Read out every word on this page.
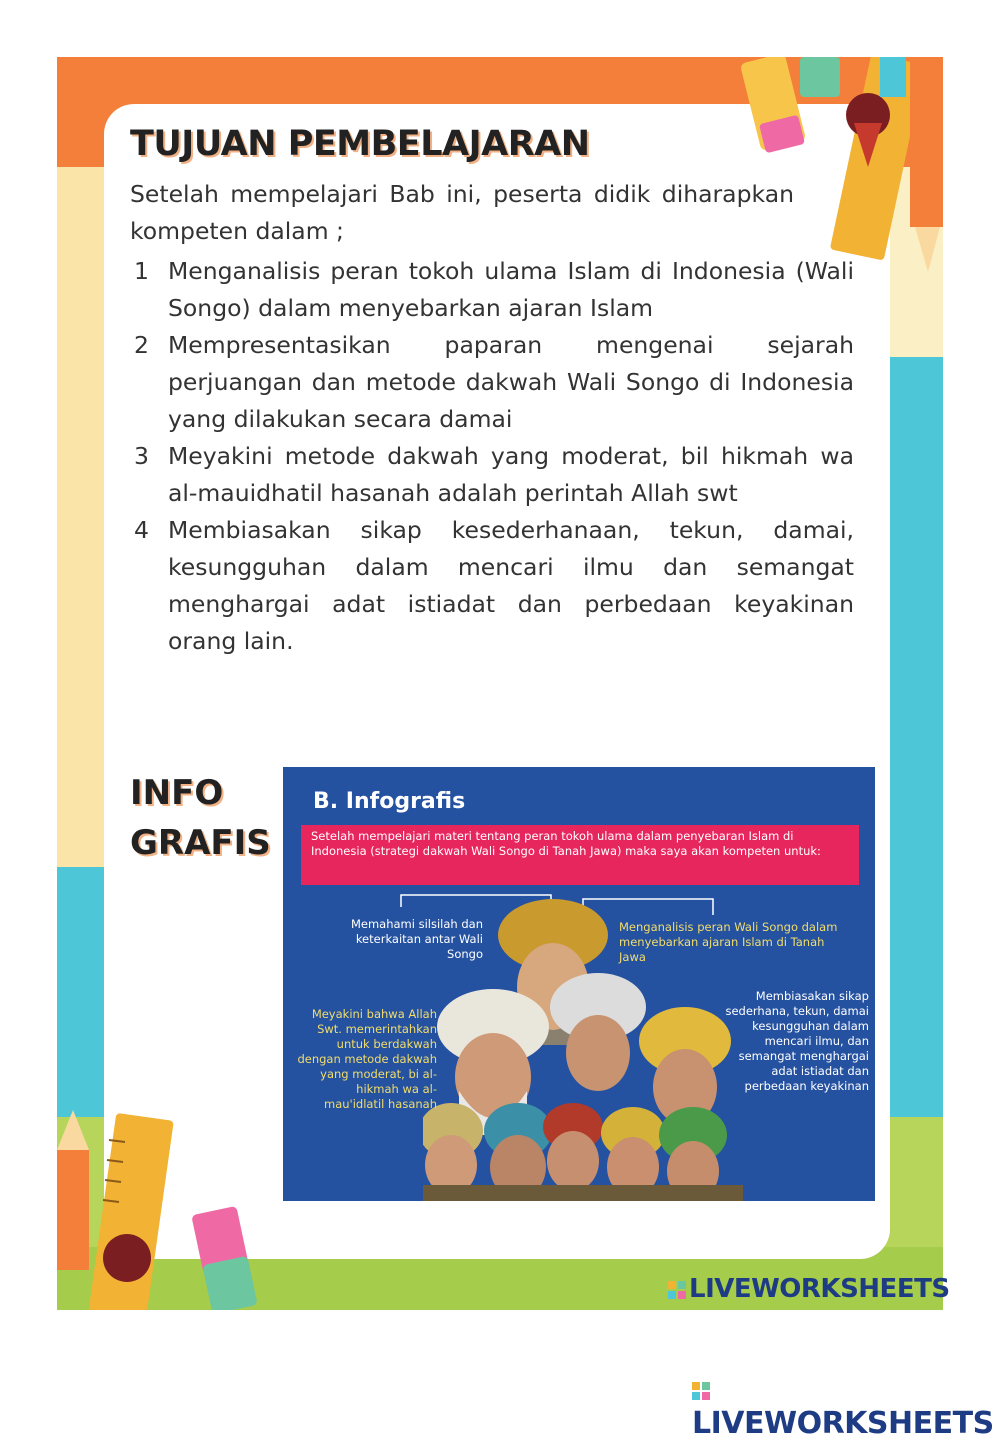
TUJUAN PEMBELAJARAN
Setelah mempelajari Bab ini, peserta didik diharapkan kompeten dalam ;
1 Menganalisis peran tokoh ulama Islam di Indonesia (Wali Songo) dalam menyebarkan ajaran Islam
2 Mempresentasikan paparan mengenai sejarah perjuangan dan metode dakwah Wali Songo di Indonesia yang dilakukan secara damai
3 Meyakini metode dakwah yang moderat, bil hikmah wa al-mauidhatil hasanah adalah perintah Allah swt
4 Membiasakan sikap kesederhanaan, tekun, damai, kesungguhan dalam mencari ilmu dan semangat menghargai adat istiadat dan perbedaan keyakinan orang lain.
INFO
GRAFIS
B. Infografis
Setelah mempelajari materi tentang peran tokoh ulama dalam penyebaran Islam di Indonesia (strategi dakwah Wali Songo di Tanah Jawa) maka saya akan kompeten untuk:
Memahami silsilah dan keterkaitan antar Wali Songo
Menganalisis peran Wali Songo dalam menyebarkan ajaran Islam di Tanah Jawa
Meyakini bahwa Allah Swt. memerintahkan untuk berdakwah dengan metode dakwah yang moderat, bi al-hikmah wa al-mau'idlatil hasanah
Membiasakan sikap sederhana, tekun, damai kesungguhan dalam mencari ilmu, dan semangat menghargai adat istiadat dan perbedaan keyakinan
LIVEWORKSHEETS
LIVEWORKSHEETS
